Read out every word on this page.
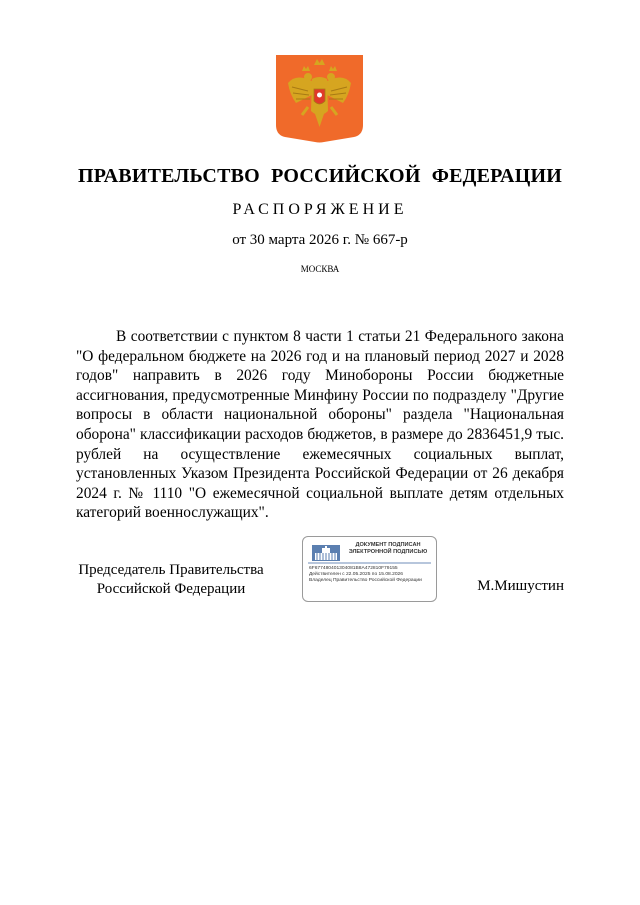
ПРАВИТЕЛЬСТВО РОССИЙСКОЙ ФЕДЕРАЦИИ
РАСПОРЯЖЕНИЕ
от 30 марта 2026 г. № 667-р
МОСКВА
В соответствии с пунктом 8 части 1 статьи 21 Федерального закона "О федеральном бюджете на 2026 год и на плановый период 2027 и 2028 годов" направить в 2026 году Минобороны России бюджетные ассигнования, предусмотренные Минфину России по подразделу "Другие вопросы в области национальной обороны" раздела "Национальная оборона" классификации расходов бюджетов, в размере до 2836451,9 тыс. рублей на осуществление ежемесячных социальных выплат, установленных Указом Президента Российской Федерации от 26 декабря 2024 г. № 1110 "О ежемесячной социальной выплате детям отдельных категорий военнослужащих".
Председатель Правительства
Российской Федерации
ДОКУМЕНТ ПОДПИСАН
ЭЛЕКТРОННОЙ ПОДПИСЬЮ
6F677480401304081B8A472810F79155
Действителен с 22.05.2025 по 15.08.2026
Владелец Правительство Российской Федерации	М.Мишустин
